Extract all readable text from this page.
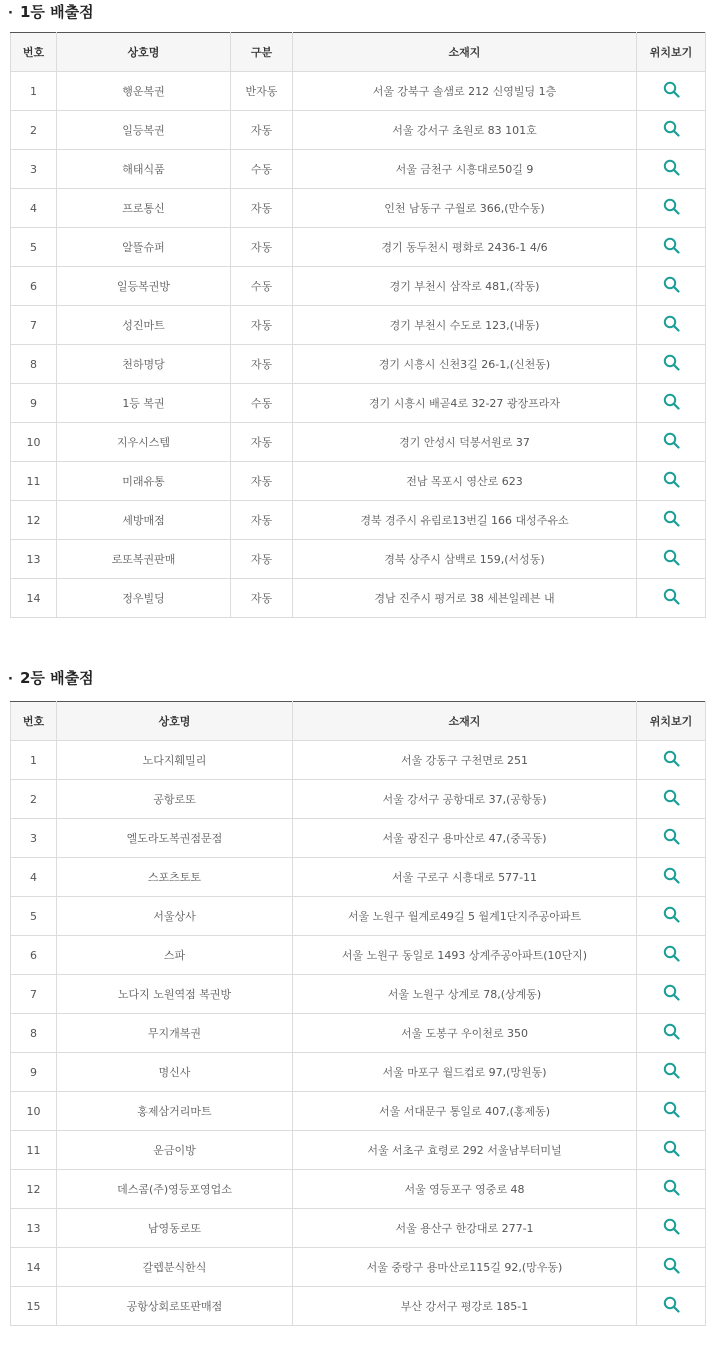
· 1등 배출점
번호	상호명	구분	소재지	위치보기
1	행운복권	반자동	서울 강북구 솔샘로 212 신영빌딩 1층	
2	일등복권	자동	서울 강서구 초원로 83 101호	
3	해태식품	수동	서울 금천구 시흥대로50길 9	
4	프로통신	자동	인천 남동구 구월로 366,(만수동)	
5	알뜰슈퍼	자동	경기 동두천시 평화로 2436-1 4/6	
6	일등복권방	수동	경기 부천시 삼작로 481,(작동)	
7	성진마트	자동	경기 부천시 수도로 123,(내동)	
8	천하명당	자동	경기 시흥시 신천3길 26-1,(신천동)	
9	1등 복권	수동	경기 시흥시 배곧4로 32-27 광장프라자	
10	지우시스템	자동	경기 안성시 덕봉서원로 37	
11	미래유통	자동	전남 목포시 영산로 623	
12	세방매점	자동	경북 경주시 유림로13번길 166 대성주유소	
13	로또복권판매	자동	경북 상주시 삼백로 159,(서성동)	
14	정우빌딩	자동	경남 진주시 평거로 38 세븐일레븐 내	
· 2등 배출점
번호	상호명	소재지	위치보기
1	노다지훼밀리	서울 강동구 구천면로 251	
2	공항로또	서울 강서구 공항대로 37,(공항동)	
3	엘도라도복권점문점	서울 광진구 용마산로 47,(중곡동)	
4	스포츠토토	서울 구로구 시흥대로 577-11	
5	서울상사	서울 노원구 월계로49길 5 월계1단지주공아파트	
6	스파	서울 노원구 동일로 1493 상계주공아파트(10단지)	
7	노다지 노원역점 복권방	서울 노원구 상계로 78,(상계동)	
8	무지개복권	서울 도봉구 우이천로 350	
9	명신사	서울 마포구 월드컵로 97,(망원동)	
10	홍제삼거리마트	서울 서대문구 통일로 407,(홍제동)	
11	운금이방	서울 서초구 효령로 292 서울남부터미널	
12	데스콤(주)영등포영업소	서울 영등포구 영중로 48	
13	남영동로또	서울 용산구 한강대로 277-1	
14	갈렙분식한식	서울 중랑구 용마산로115길 92,(망우동)	
15	공항상회로또판매점	부산 강서구 평강로 185-1	
